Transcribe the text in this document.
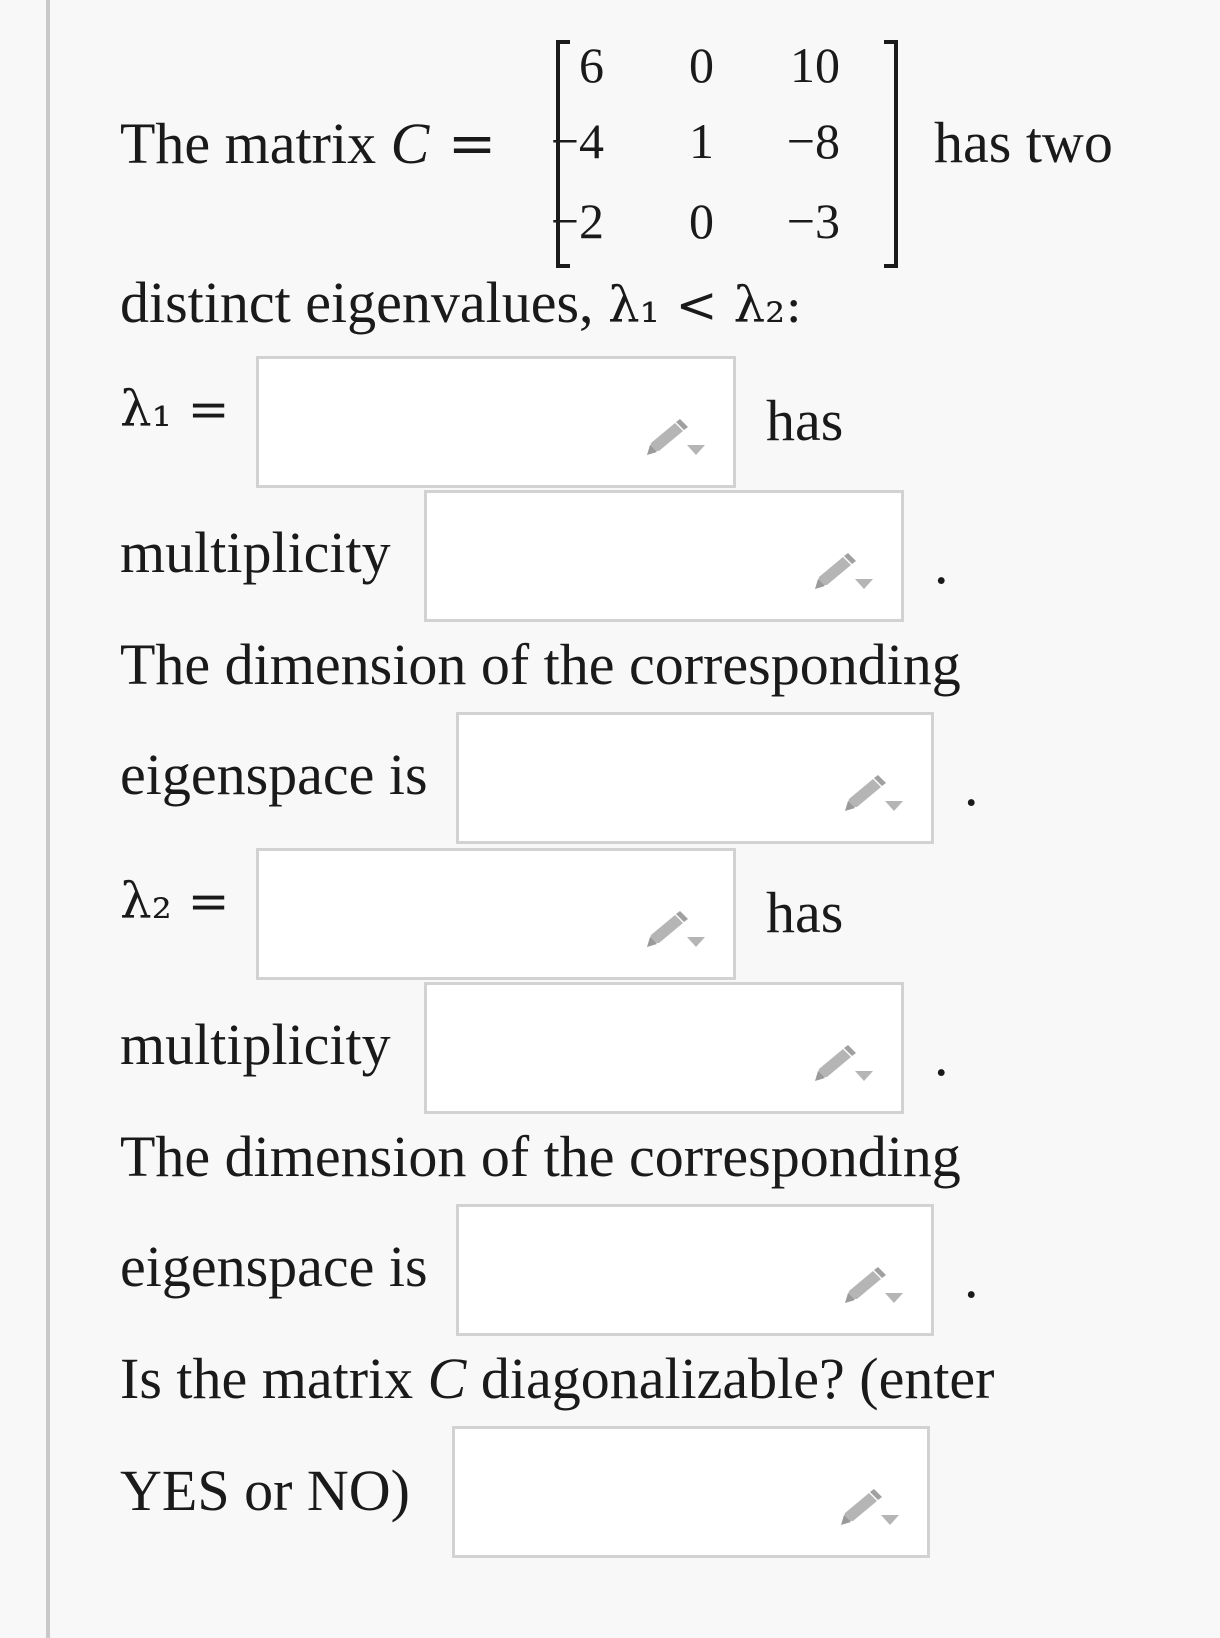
The matrix C =
6	0	10
−4	1	−8
−2	0	−3
has two
distinct eigenvalues, λ₁ < λ₂:
λ₁ =	has
multiplicity	.
The dimension of the corresponding
eigenspace is	.
λ₂ =	has
multiplicity	.
The dimension of the corresponding
eigenspace is	.
Is the matrix C diagonalizable? (enter
YES or NO)
